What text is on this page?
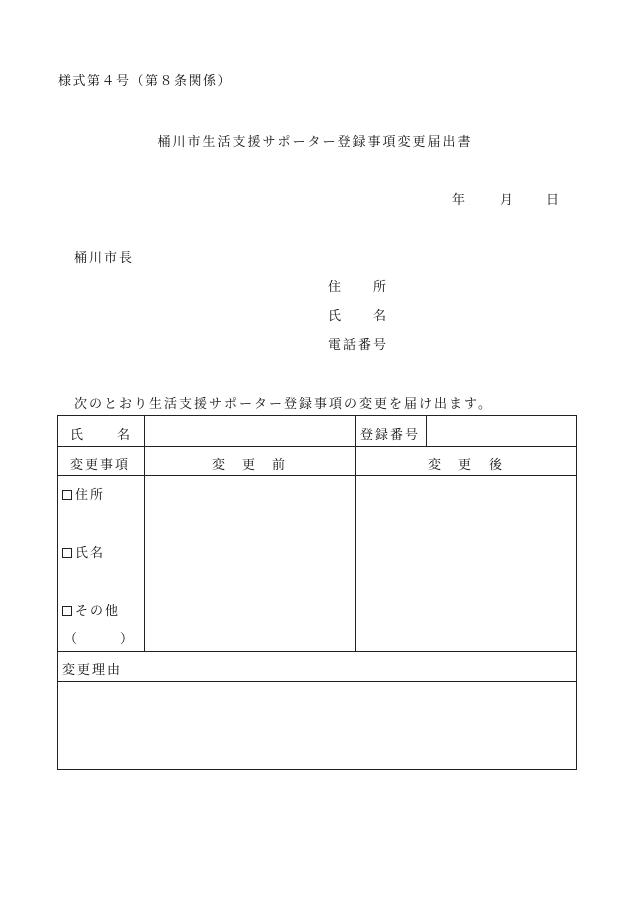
様式第４号（第８条関係）
桶川市生活支援サポーター登録事項変更届出書
年	月	日
桶川市長
住 所
氏 名
電話番号
次のとおり生活支援サポーター登録事項の変更を届け出ます。
氏	名	登録番号
変更事項	変 更 前	変 更 後
住所
氏名
その他
（	）
変更理由
